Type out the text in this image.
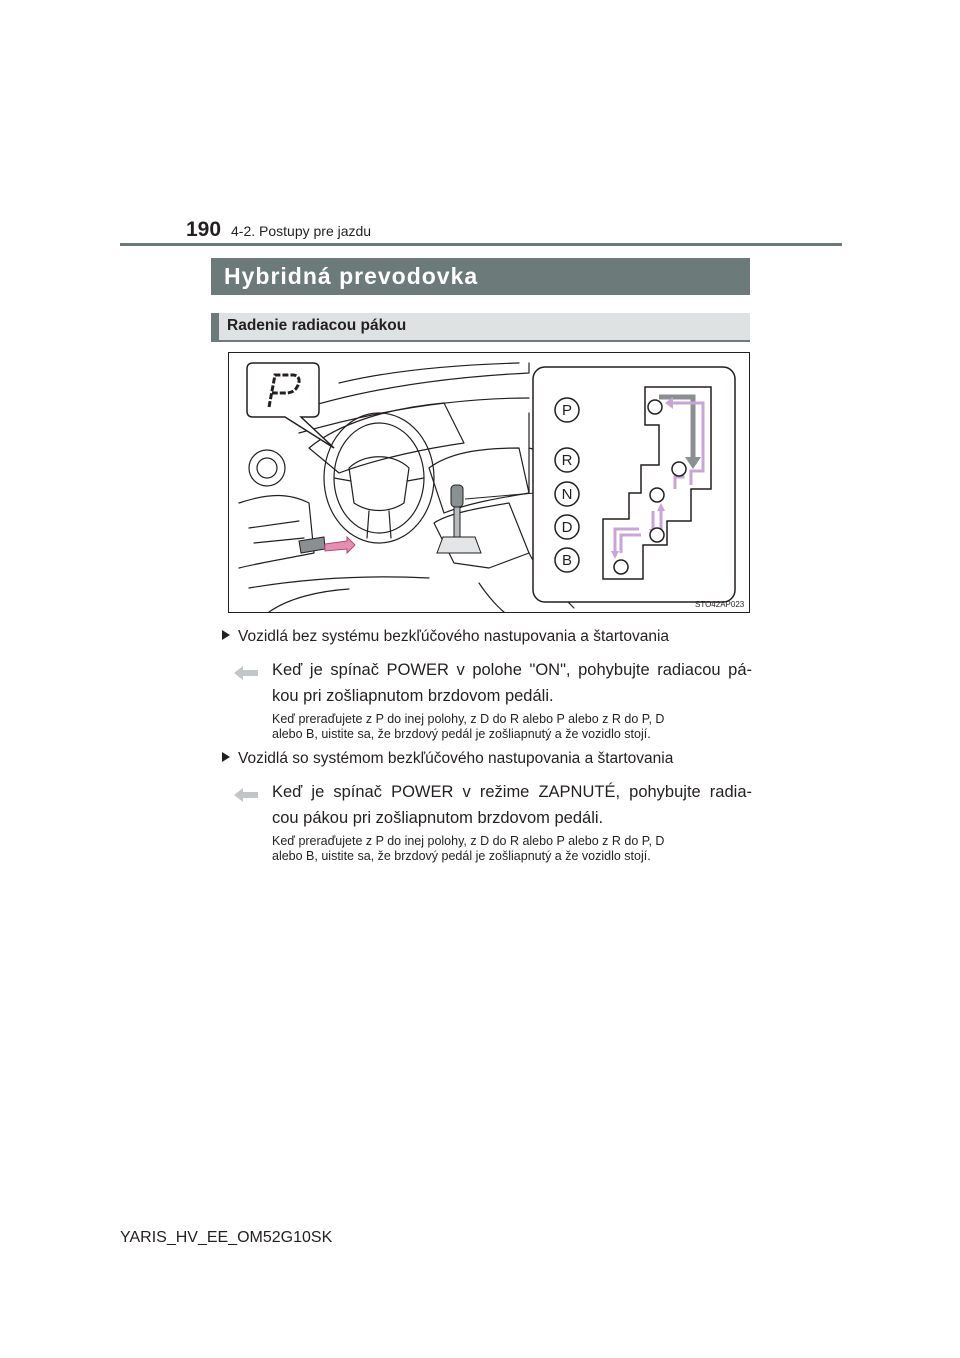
190 4-2. Postupy pre jazdu
Hybridná prevodovka
Radenie radiacou pákou
P
R
N
D
B
STO42AP023
Vozidlá bez systému bezkľúčového nastupovania a štartovania
Keď je spínač POWER v polohe "ON", pohybujte radiacou pá-
kou pri zošliapnutom brzdovom pedáli.
Keď preraďujete z P do inej polohy, z D do R alebo P alebo z R do P, D
alebo B, uistite sa, že brzdový pedál je zošliapnutý a že vozidlo stojí.
Vozidlá so systémom bezkľúčového nastupovania a štartovania
Keď je spínač POWER v režime ZAPNUTÉ, pohybujte radia-
cou pákou pri zošliapnutom brzdovom pedáli.
Keď preraďujete z P do inej polohy, z D do R alebo P alebo z R do P, D
alebo B, uistite sa, že brzdový pedál je zošliapnutý a že vozidlo stojí.
YARIS_HV_EE_OM52G10SK
